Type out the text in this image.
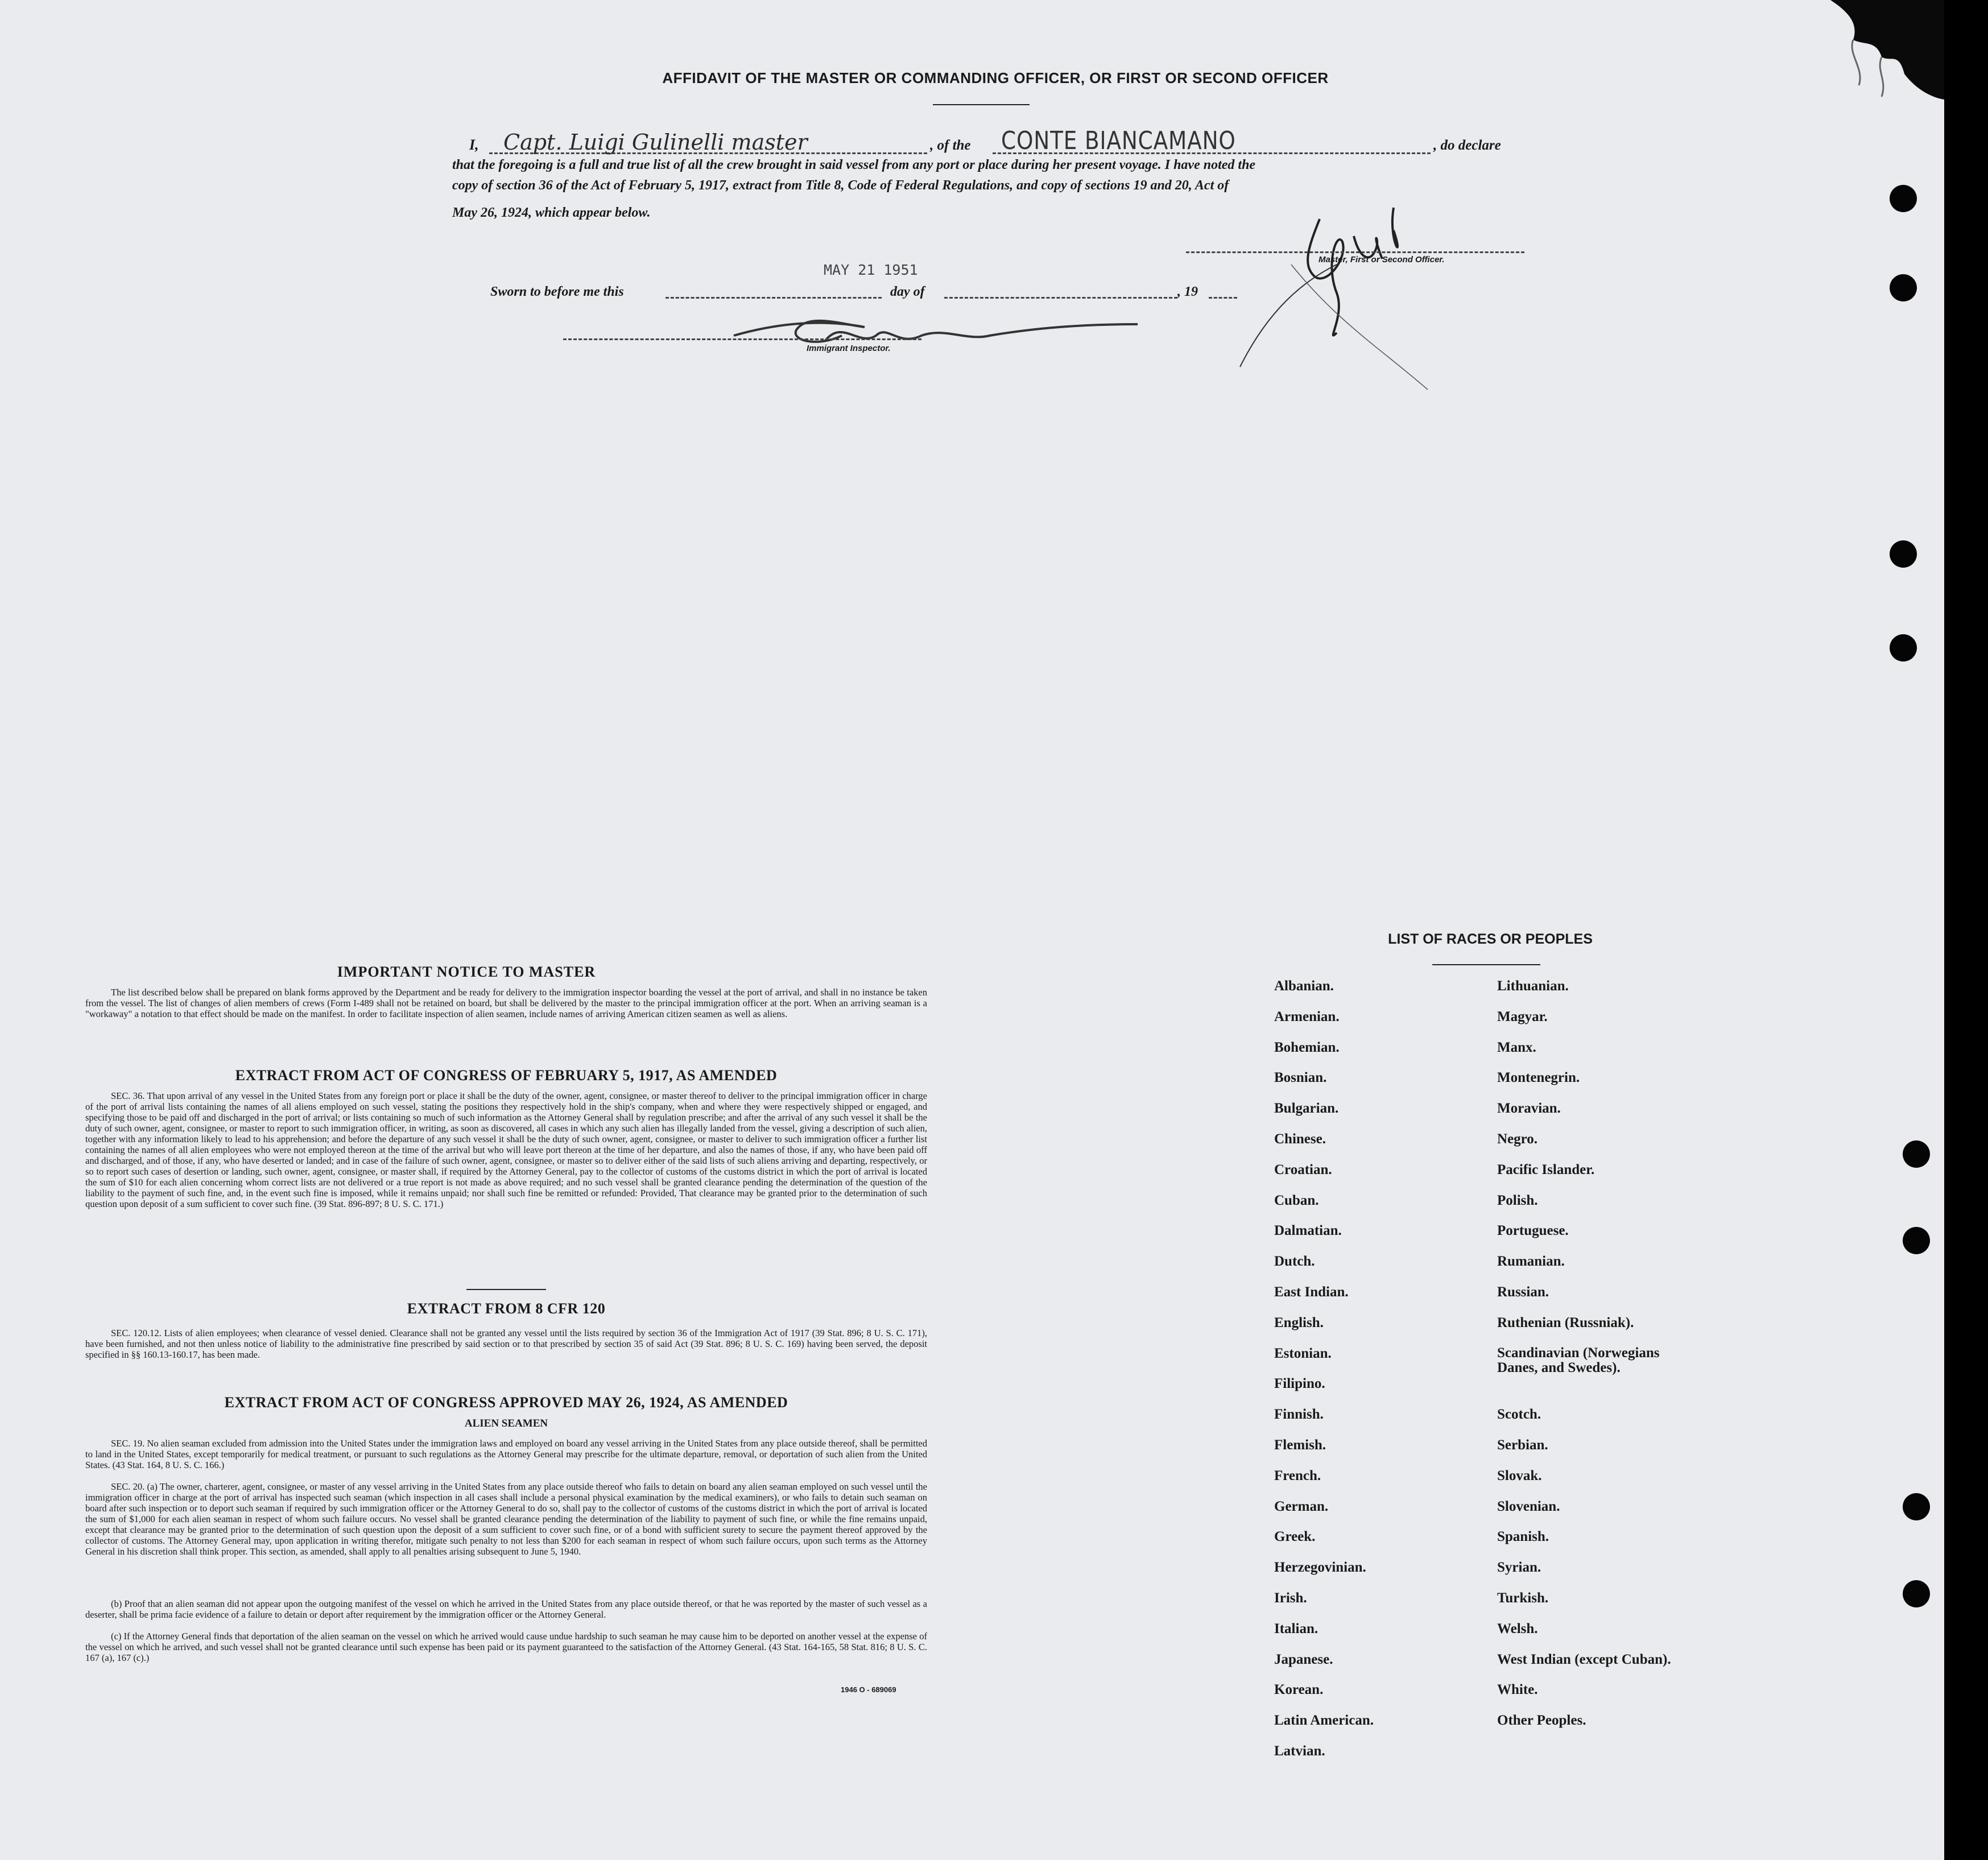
AFFIDAVIT OF THE MASTER OR COMMANDING OFFICER, OR FIRST OR SECOND OFFICER
I, Capt. Luigi Gulinelli master	, of the CONTE BIANCAMANO	, do declare
that the foregoing is a full and true list of all the crew brought in said vessel from any port or place during her present voyage. I have noted the
copy of section 36 of the Act of February 5, 1917, extract from Title 8, Code of Federal Regulations, and copy of sections 19 and 20, Act of
May 26, 1924, which appear below.
Master, First or Second Officer.
Sworn to before me this
MAY 21 1951
day of	, 19
Immigrant Inspector.
IMPORTANT NOTICE TO MASTER
The list described below shall be prepared on blank forms approved by the Department and be ready for delivery to the immigration inspector boarding the vessel at the port of arrival, and shall in no instance be taken from the vessel. The list of changes of alien members of crews (Form I-489 shall not be retained on board, but shall be delivered by the master to the principal immigration officer at the port. When an arriving seaman is a "workaway" a notation to that effect should be made on the manifest. In order to facilitate inspection of alien seamen, include names of arriving American citizen seamen as well as aliens.
EXTRACT FROM ACT OF CONGRESS OF FEBRUARY 5, 1917, AS AMENDED
SEC. 36. That upon arrival of any vessel in the United States from any foreign port or place it shall be the duty of the owner, agent, consignee, or master thereof to deliver to the principal immigration officer in charge of the port of arrival lists containing the names of all aliens employed on such vessel, stating the positions they respectively hold in the ship's company, when and where they were respectively shipped or engaged, and specifying those to be paid off and discharged in the port of arrival; or lists containing so much of such information as the Attorney General shall by regulation prescribe; and after the arrival of any such vessel it shall be the duty of such owner, agent, consignee, or master to report to such immigration officer, in writing, as soon as discovered, all cases in which any such alien has illegally landed from the vessel, giving a description of such alien, together with any information likely to lead to his apprehension; and before the departure of any such vessel it shall be the duty of such owner, agent, consignee, or master to deliver to such immigration officer a further list containing the names of all alien employees who were not employed thereon at the time of the arrival but who will leave port thereon at the time of her departure, and also the names of those, if any, who have been paid off and discharged, and of those, if any, who have deserted or landed; and in case of the failure of such owner, agent, consignee, or master so to deliver either of the said lists of such aliens arriving and departing, respectively, or so to report such cases of desertion or landing, such owner, agent, consignee, or master shall, if required by the Attorney General, pay to the collector of customs of the customs district in which the port of arrival is located the sum of $10 for each alien concerning whom correct lists are not delivered or a true report is not made as above required; and no such vessel shall be granted clearance pending the determination of the question of the liability to the payment of such fine, and, in the event such fine is imposed, while it remains unpaid; nor shall such fine be remitted or refunded: Provided, That clearance may be granted prior to the determination of such question upon deposit of a sum sufficient to cover such fine. (39 Stat. 896-897; 8 U. S. C. 171.)
EXTRACT FROM 8 CFR 120
SEC. 120.12. Lists of alien employees; when clearance of vessel denied. Clearance shall not be granted any vessel until the lists required by section 36 of the Immigration Act of 1917 (39 Stat. 896; 8 U. S. C. 171), have been furnished, and not then unless notice of liability to the administrative fine prescribed by said section or to that prescribed by section 35 of said Act (39 Stat. 896; 8 U. S. C. 169) having been served, the deposit specified in §§ 160.13-160.17, has been made.
EXTRACT FROM ACT OF CONGRESS APPROVED MAY 26, 1924, AS AMENDED
ALIEN SEAMEN
SEC. 19. No alien seaman excluded from admission into the United States under the immigration laws and employed on board any vessel arriving in the United States from any place outside thereof, shall be permitted to land in the United States, except temporarily for medical treatment, or pursuant to such regulations as the Attorney General may prescribe for the ultimate departure, removal, or deportation of such alien from the United States. (43 Stat. 164, 8 U. S. C. 166.)
SEC. 20. (a) The owner, charterer, agent, consignee, or master of any vessel arriving in the United States from any place outside thereof who fails to detain on board any alien seaman employed on such vessel until the immigration officer in charge at the port of arrival has inspected such seaman (which inspection in all cases shall include a personal physical examination by the medical examiners), or who fails to detain such seaman on board after such inspection or to deport such seaman if required by such immigration officer or the Attorney General to do so, shall pay to the collector of customs of the customs district in which the port of arrival is located the sum of $1,000 for each alien seaman in respect of whom such failure occurs. No vessel shall be granted clearance pending the determination of the liability to payment of such fine, or while the fine remains unpaid, except that clearance may be granted prior to the determination of such question upon the deposit of a sum sufficient to cover such fine, or of a bond with sufficient surety to secure the payment thereof approved by the collector of customs. The Attorney General may, upon application in writing therefor, mitigate such penalty to not less than $200 for each seaman in respect of whom such failure occurs, upon such terms as the Attorney General in his discretion shall think proper. This section, as amended, shall apply to all penalties arising subsequent to June 5, 1940.
(b) Proof that an alien seaman did not appear upon the outgoing manifest of the vessel on which he arrived in the United States from any place outside thereof, or that he was reported by the master of such vessel as a deserter, shall be prima facie evidence of a failure to detain or deport after requirement by the immigration officer or the Attorney General.
(c) If the Attorney General finds that deportation of the alien seaman on the vessel on which he arrived would cause undue hardship to such seaman he may cause him to be deported on another vessel at the expense of the vessel on which he arrived, and such vessel shall not be granted clearance until such expense has been paid or its payment guaranteed to the satisfaction of the Attorney General. (43 Stat. 164-165, 58 Stat. 816; 8 U. S. C. 167 (a), 167 (c).)
1946 O - 689069
LIST OF RACES OR PEOPLES
Albanian.
Armenian.
Bohemian.
Bosnian.
Bulgarian.
Chinese.
Croatian.
Cuban.
Dalmatian.
Dutch.
East Indian.
English.
Estonian.
Filipino.
Finnish.
Flemish.
French.
German.
Greek.
Herzegovinian.
Irish.
Italian.
Japanese.
Korean.
Latin American.
Latvian.
Lithuanian.
Magyar.
Manx.
Montenegrin.
Moravian.
Negro.
Pacific Islander.
Polish.
Portuguese.
Rumanian.
Russian.
Ruthenian (Russniak).
Scandinavian (Norwegians Danes, and Swedes).
Scotch.
Serbian.
Slovak.
Slovenian.
Spanish.
Syrian.
Turkish.
Welsh.
West Indian (except Cuban).
White.
Other Peoples.
